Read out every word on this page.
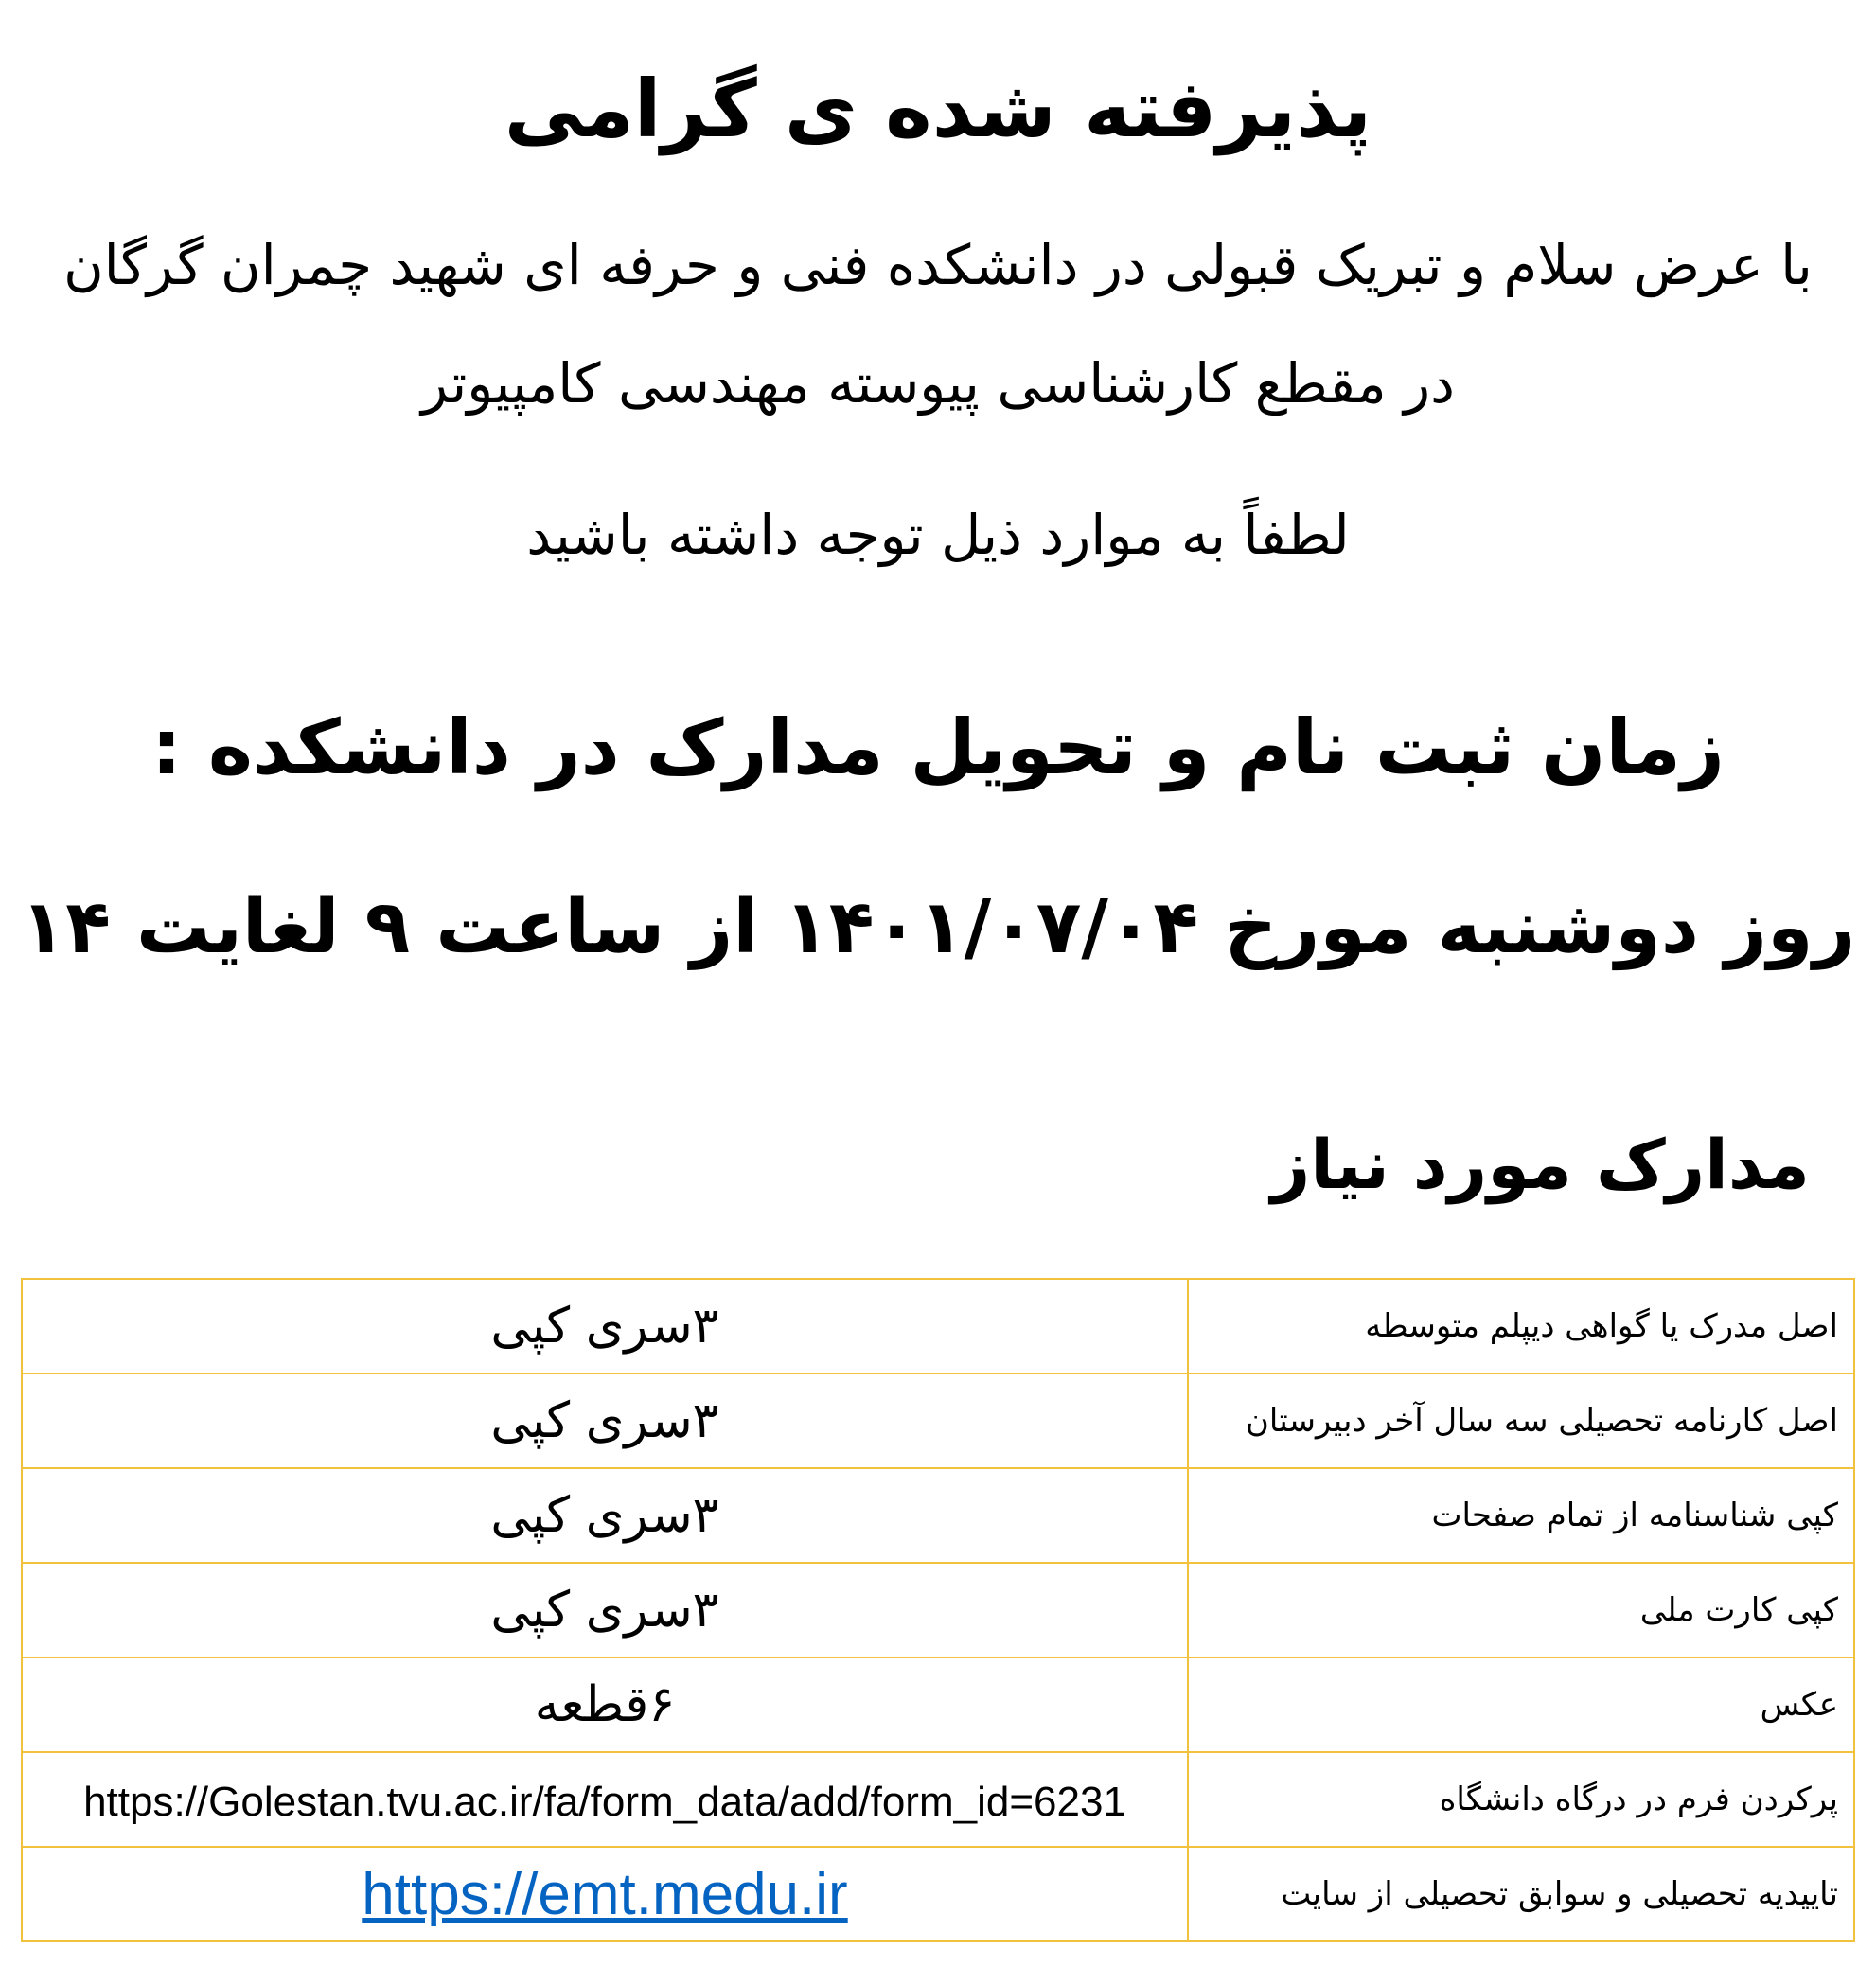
پذیرفته شده ی گرامی
با عرض سلام و تبریک قبولی در دانشکده فنی و حرفه ای شهید چمران گرگان
در مقطع کارشناسی پیوسته مهندسی کامپیوتر
لطفاً به موارد ذیل توجه داشته باشید
زمان ثبت نام و تحویل مدارک در دانشکده :
روز دوشنبه مورخ ۱۴۰۱/۰۷/۰۴ از ساعت ۹ لغایت ۱۴
مدارک مورد نیاز
اصل مدرک یا گواهی دیپلم متوسطه	۳سری کپی
اصل کارنامه تحصیلی سه سال آخر دبیرستان	۳سری کپی
کپی شناسنامه از تمام صفحات	۳سری کپی
کپی کارت ملی	۳سری کپی
عکس	۶قطعه
پرکردن فرم در درگاه دانشگاه	https://Golestan.tvu.ac.ir/fa/form_data/add/form_id=6231
تاییدیه تحصیلی و سوابق تحصیلی از سایت	https://emt.medu.ir
